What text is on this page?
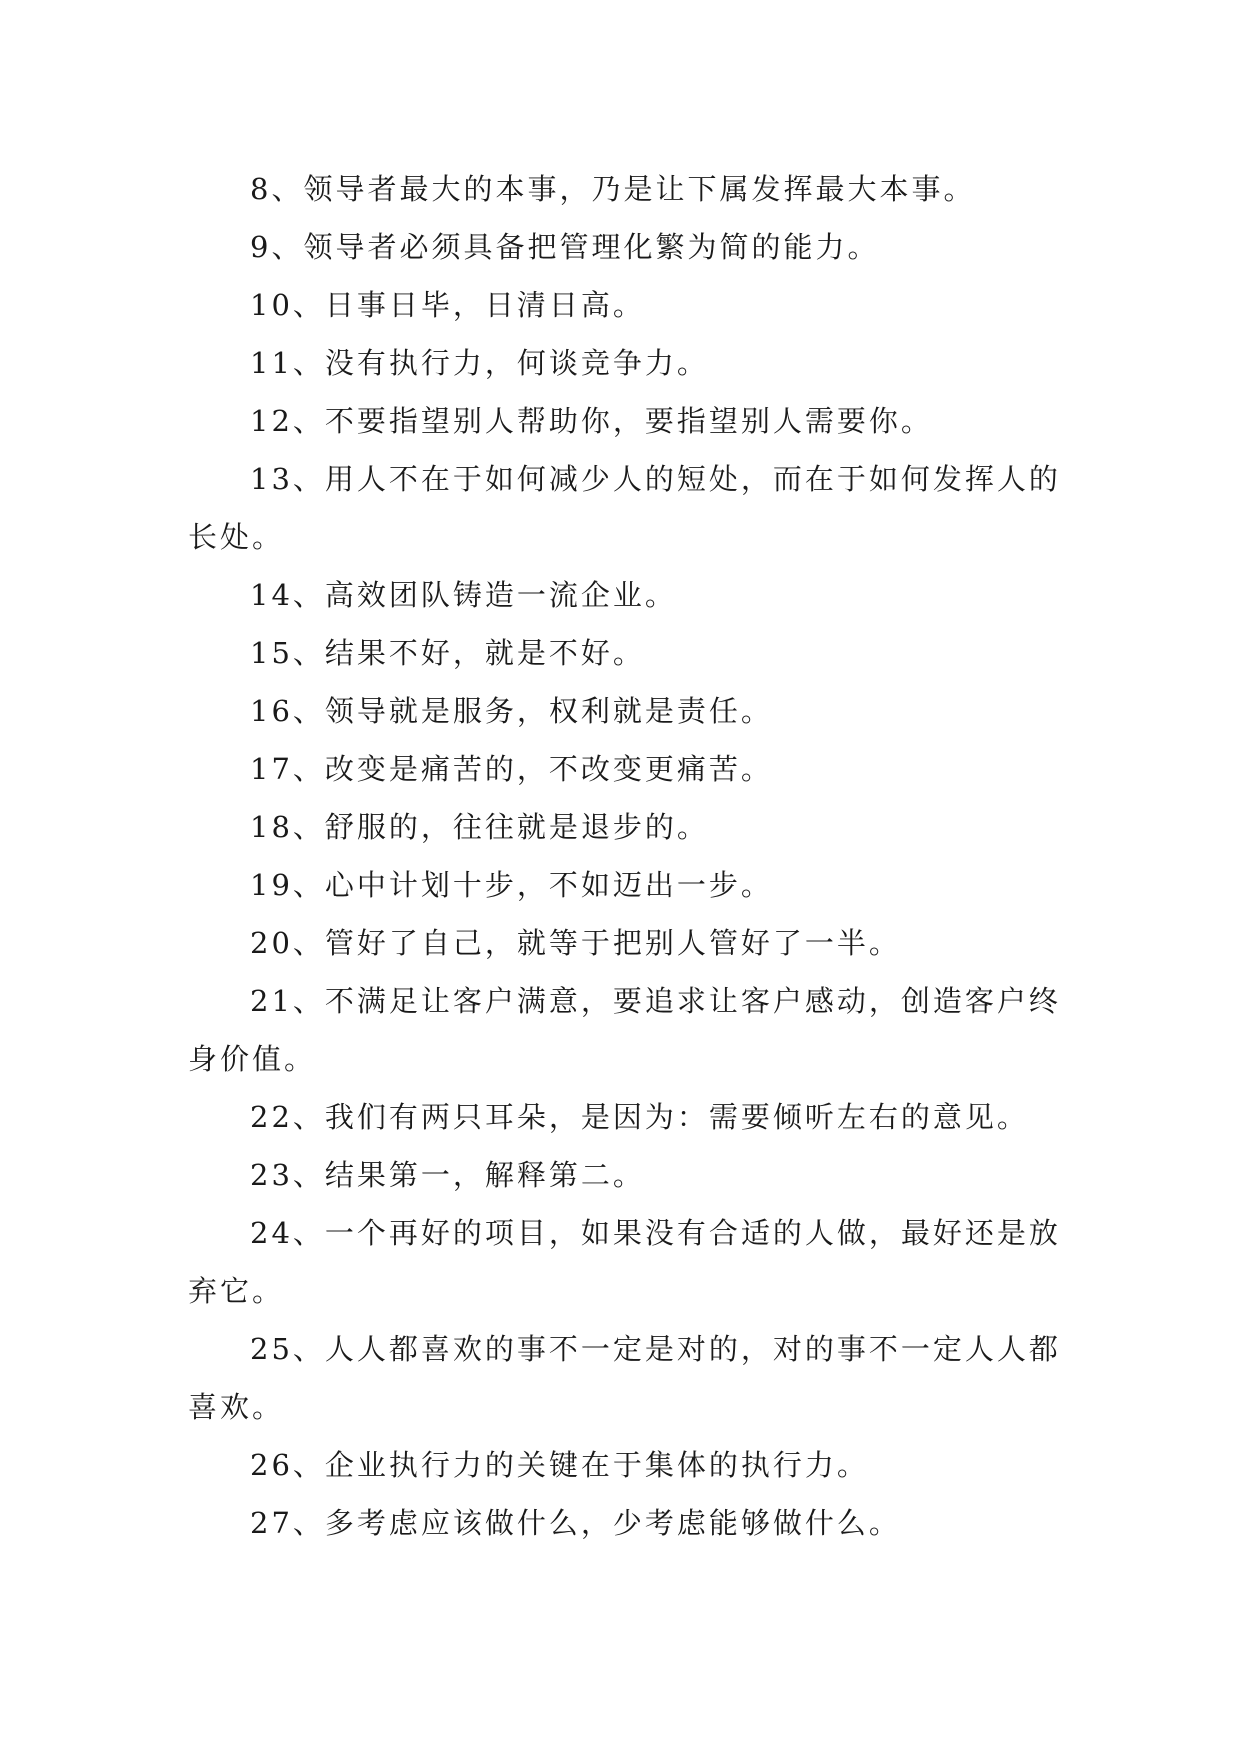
8、领导者最大的本事，乃是让下属发挥最大本事。

9、领导者必须具备把管理化繁为简的能力。

10、日事日毕，日清日高。

11、没有执行力，何谈竞争力。

12、不要指望别人帮助你，要指望别人需要你。

13、用人不在于如何减少人的短处，而在于如何发挥人的长处。

14、高效团队铸造一流企业。

15、结果不好，就是不好。

16、领导就是服务，权利就是责任。

17、改变是痛苦的，不改变更痛苦。

18、舒服的，往往就是退步的。

19、心中计划十步，不如迈出一步。

20、管好了自己，就等于把别人管好了一半。

21、不满足让客户满意，要追求让客户感动，创造客户终身价值。

22、我们有两只耳朵，是因为：需要倾听左右的意见。

23、结果第一，解释第二。

24、一个再好的项目，如果没有合适的人做，最好还是放弃它。

25、人人都喜欢的事不一定是对的，对的事不一定人人都喜欢。

26、企业执行力的关键在于集体的执行力。

27、多考虑应该做什么，少考虑能够做什么。
